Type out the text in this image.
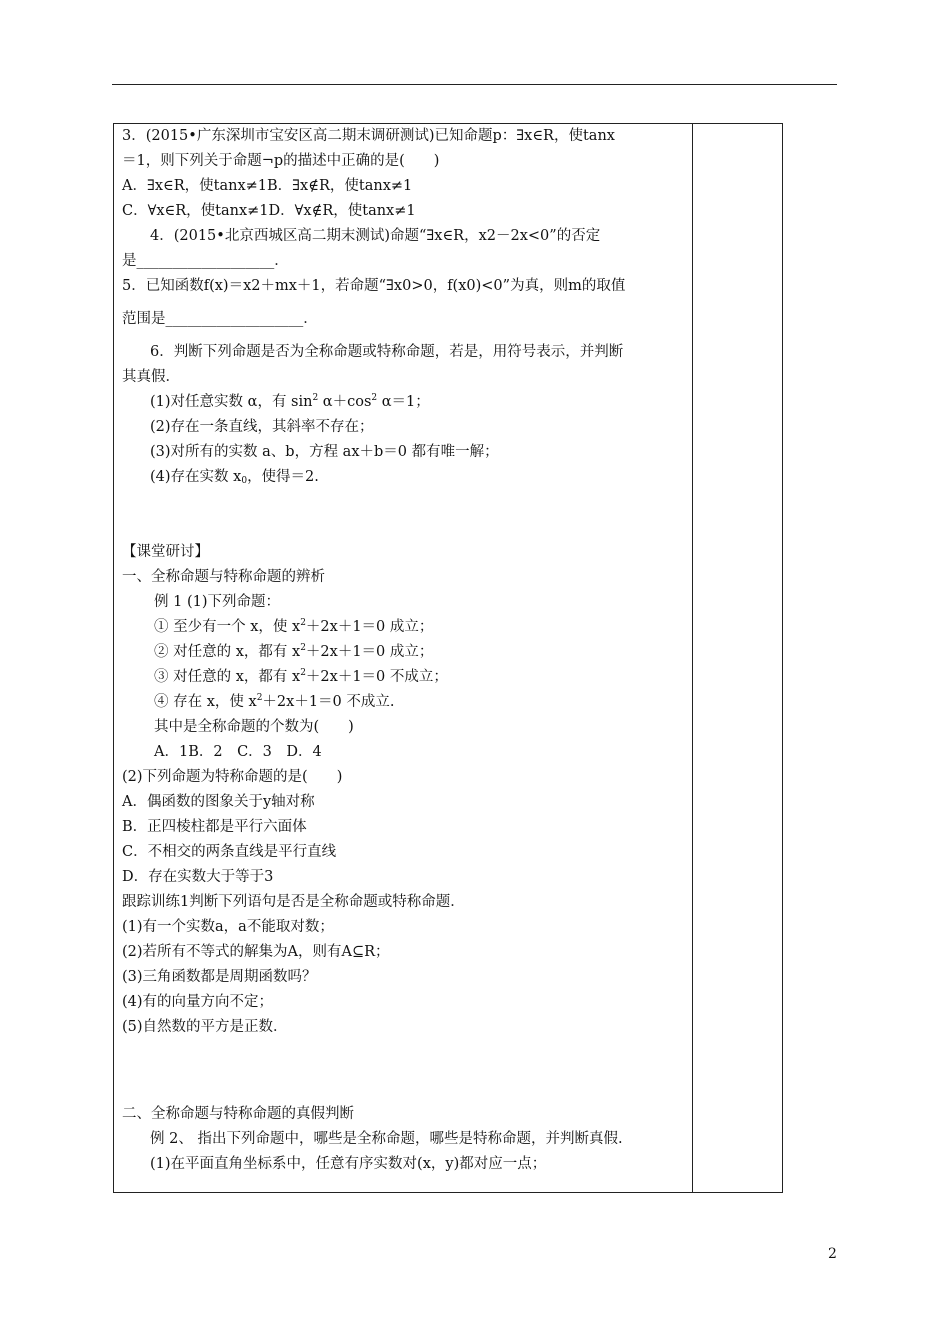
3．(2015•广东深圳市宝安区高二期末调研测试)已知命题p：∃x∈R，使tanx

＝1，则下列关于命题¬p的描述中正确的是(　　)

A．∃x∈R，使tanx≠1B．∃x∉R，使tanx≠1

C．∀x∈R，使tanx≠1D．∀x∉R，使tanx≠1

4．(2015•北京西城区高二期末测试)命题“∃x∈R，x2－2x<0”的否定

是___________________．

5．已知函数f(x)＝x2＋mx＋1，若命题“∃x0>0，f(x0)<0”为真，则m的取值

范围是___________________．

6．判断下列命题是否为全称命题或特称命题，若是，用符号表示，并判断

其真假．

(1)对任意实数 α，有 $\sin^2 \alpha+\cos^2$ α＝1；

(2)存在一条直线，其斜率不存在；

(3)对所有的实数 a、b，方程 ax＋b＝0 都有唯一解；

(4)存在实数 $x_0$，使得＝2.

【课堂研讨】

一、全称命题与特称命题的辨析

例 1 (1)下列命题：

① 至少有一个 x，使 $x^2+2x+1=0$ 成立；

② 对任意的 x，都有 $x^2+2x+1=0$ 成立；

③ 对任意的 x，都有 $x^2+2x+1=0$ 不成立；

④ 存在 x，使 $x^2+2x+1=0$ 不成立.

其中是全称命题的个数为(　　)

A．1B．2　C．3　D．4

(2)下列命题为特称命题的是(　　)

A．偶函数的图象关于y轴对称

B．正四棱柱都是平行六面体

C．不相交的两条直线是平行直线

D．存在实数大于等于3

跟踪训练1判断下列语句是否是全称命题或特称命题．

(1)有一个实数a，a不能取对数；

(2)若所有不等式的解集为A，则有A⊆R；

(3)三角函数都是周期函数吗？

(4)有的向量方向不定；

(5)自然数的平方是正数．

二、全称命题与特称命题的真假判断

例 2、 指出下列命题中，哪些是全称命题，哪些是特称命题，并判断真假.

(1)在平面直角坐标系中，任意有序实数对(x，y)都对应一点；

2
